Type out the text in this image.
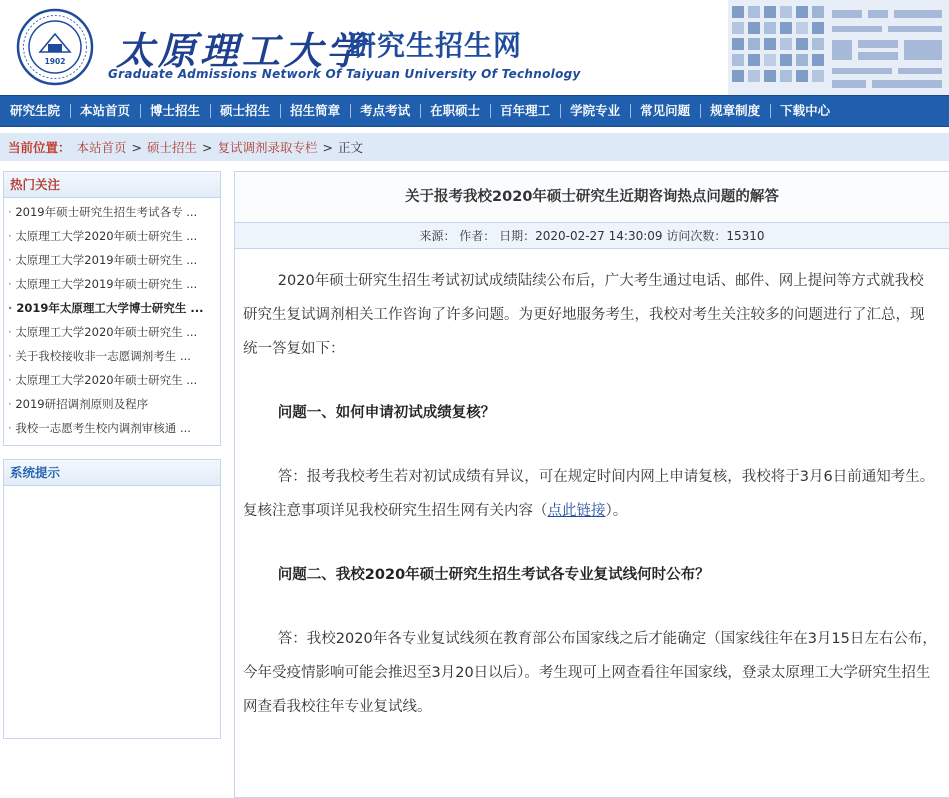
1902 太原理工大学
研究生招生网
Graduate Admissions Network Of Taiyuan University Of Technology
研究生院	本站首页	博士招生	硕士招生	招生简章	考点考试	在职硕士	百年理工	学院专业	常见问题	规章制度	下载中心
当前位置： 本站首页 > 硕士招生 > 复试调剂录取专栏 > 正文
热门关注
· 2019年硕士研究生招生考试各专 ...
· 太原理工大学2020年硕士研究生 ...
· 太原理工大学2019年硕士研究生 ...
· 太原理工大学2019年硕士研究生 ...
· 2019年太原理工大学博士研究生 ...
· 太原理工大学2020年硕士研究生 ...
· 关于我校接收非一志愿调剂考生 ...
· 太原理工大学2020年硕士研究生 ...
· 2019研招调剂原则及程序
· 我校一志愿考生校内调剂审核通 ...
系统提示
关于报考我校2020年硕士研究生近期咨询热点问题的解答
来源： 作者： 日期：2020-02-27 14:30:09 访问次数：15310

2020年硕士研究生招生考试初试成绩陆续公布后，广大考生通过电话、邮件、网上提问等方式就我校研究生复试调剂相关工作咨询了许多问题。为更好地服务考生，我校对考生关注较多的问题进行了汇总，现统一答复如下：

问题一、如何申请初试成绩复核？

答：报考我校考生若对初试成绩有异议，可在规定时间内网上申请复核，我校将于3月6日前通知考生。复核注意事项详见我校研究生招生网有关内容（点此链接）。

问题二、我校2020年硕士研究生招生考试各专业复试线何时公布？

答：我校2020年各专业复试线须在教育部公布国家线之后才能确定（国家线往年在3月15日左右公布，今年受疫情影响可能会推迟至3月20日以后）。考生现可上网查看往年国家线，登录太原理工大学研究生招生网查看我校往年专业复试线。
